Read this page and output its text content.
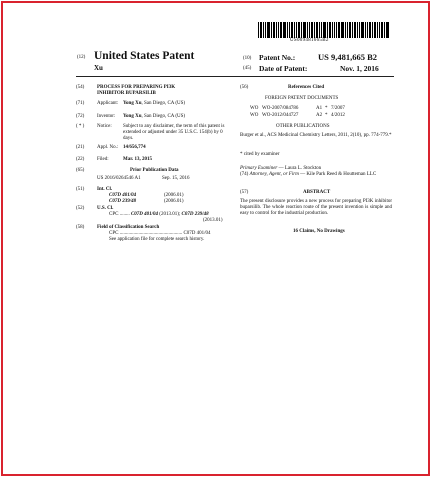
US009481665B2
(12) United States Patent
Xu
(10) Patent No.:	US 9,481,665 B2
(45) Date of Patent:	Nov. 1, 2016
(54)	PROCESS FOR PREPARING PI3K INHIBITOR BUPARSILIB
(71)	Applicant: Yong Xu, San Diego, CA (US)
(72)	Inventor: Yong Xu, San Diego, CA (US)
( * )	Notice: Subject to any disclaimer, the term of this patent is extended or adjusted under 35 U.S.C. 154(b) by 0 days.
(21)	Appl. No.: 14/656,774
(22)	Filed:	Mar. 13, 2015
(65)	Prior Publication Data
US 2016/0264546 A1	Sep. 15, 2016
(51)	Int. Cl.
C07D 401/04	(2006.01)
C07D 239/48	(2006.01)
(52)	U.S. Cl.
CPC ........ C07D 401/04 (2013.01); C07D 239/48
(2013.01)
(58)	Field of Classification Search
CPC .................................................. C07D 401/04
See application file for complete search history.
(56)	References Cited
FOREIGN PATENT DOCUMENTS
WO WO-2007/084786	A1 * 7/2007
WO WO-2012/044727	A2 * 4/2012
OTHER PUBLICATIONS
Burger et al., ACS Medicinal Chemistry Letters, 2011, 2(10), pp. 774-779.*
* cited by examiner
Primary Examiner — Laura L. Stockton
(74) Attorney, Agent, or Firm — Kile Park Reed & Houtteman LLC
(57)	ABSTRACT
The present disclosure provides a new process for preparing PI3K inhibitor buparsilib. The whole reaction route of the present invention is simple and easy to control for the industrial production.
16 Claims, No Drawings
